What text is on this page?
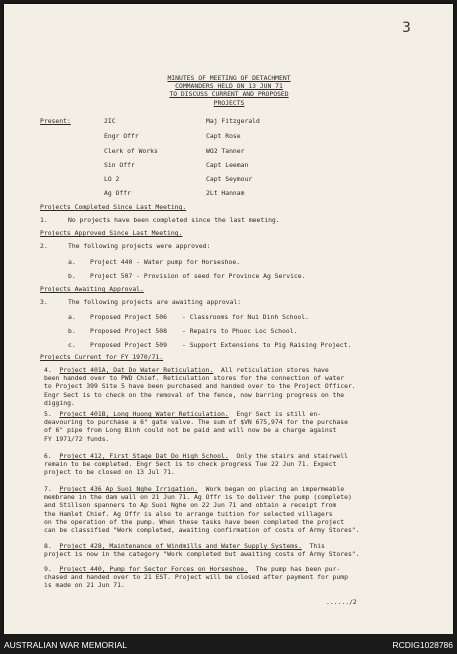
3
MINUTES OF MEETING OF DETACHMENT
COMMANDERS HELD ON 13 JUN 71
TO DISCUSS CURRENT AND PROPOSED
PROJECTS
Present:	2IC	Maj Fitzgerald
Engr Offr	Capt Rose
Clerk of Works	WO2 Tanner
Sin Offr	Capt Leeman
LO 2	Capt Seymour
Ag Offr	2Lt Hannam
Projects Completed Since Last Meeting.
1.	No projects have been completed since the last meeting.
Projects Approved Since Last Meeting.
2.	The following projects were approved:
a. Project 440 - Water pump for Horseshoe.
b. Project 507 - Provision of seed for Province Ag Service.
Projects Awaiting Approval.
3.	The following projects are awaiting approval:
a. Proposed Project 506 - Classrooms for Nui Dinh School.
b. Proposed Project 508 - Repairs to Phuoc Loc School.
c. Proposed Project 509 - Support Extensions to Pig Raising Project.
Projects Current for FY 1970/71.
4. Project 401A, Dat Do Water Reticulation. All reticulation stores have
been handed over to PWD Chief. Reticulation stores for the connection of water
to Project 399 Site 5 have been purchased and handed over to the Project Officer.
Engr Sect is to check on the removal of the fence, now barring progress on the
digging.
5. Project 401B, Long Huong Water Reticulation. Engr Sect is still en-
deavouring to purchase a 6" gate valve. The sum of $VN 675,974 for the purchase
of 6" pipe from Long Binh could not be paid and will now be a charge against
FY 1971/72 funds.
6. Project 412, First Stage Dat Do High School. Only the stairs and stairwell
remain to be completed. Engr Sect is to check progress Tue 22 Jun 71. Expect
project to be closed on 13 Jul 71.
7. Project 436 Ap Suoi Nghe Irrigation. Work began on placing an impermeable
membrane in the dam wall on 21 Jun 71. Ag Offr is to deliver the pump (complete)
and Stillson spanners to Ap Suoi Nghe on 22 Jun 71 and obtain a receipt from
the Hamlet Chief. Ag Offr is also to arrange tuition for selected villagers
on the operation of the pump. When these tasks have been completed the project
can be classified "Work completed, awaiting confirmation of costs of Army Stores".
8. Project 428, Maintenance of Windmills and Water Supply Systems. This
project is now in the category "Work completed but awaiting costs of Army Stores".
9. Project 440, Pump for Sector Forces on Horseshoe. The pump has been pur-
chased and handed over to 21 EST. Project will be closed after payment for pump
is made on 21 Jun 71.
....../2
AUSTRALIAN WAR MEMORIAL	RCDIG1028786
